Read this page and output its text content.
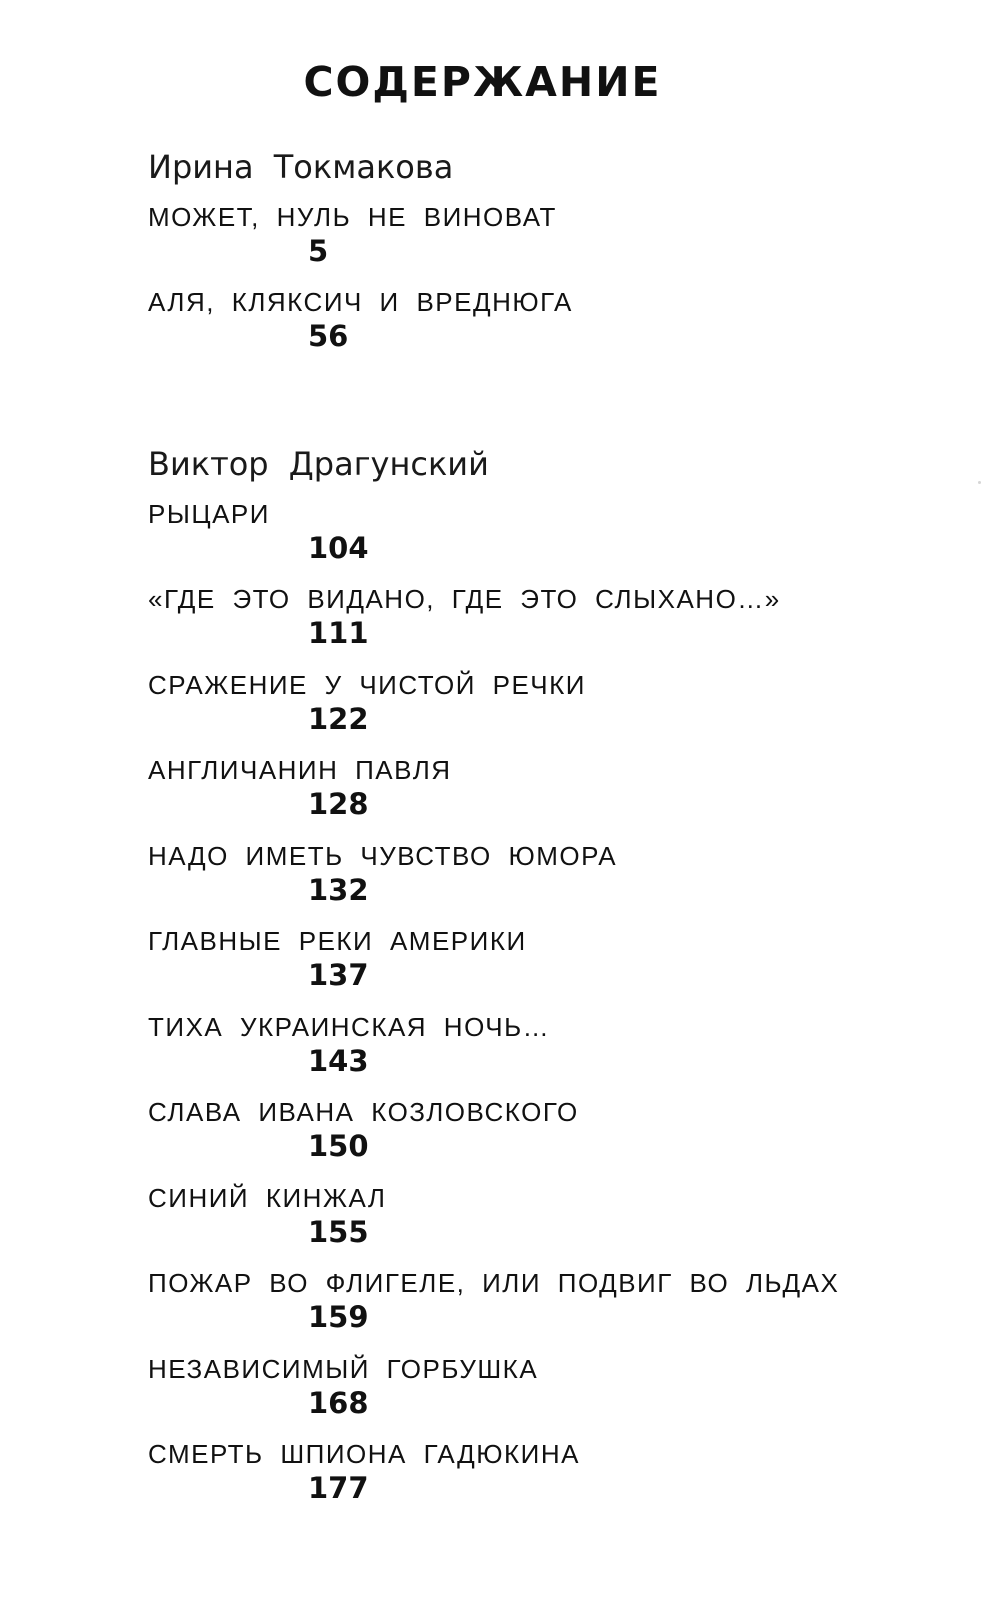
СОДЕРЖАНИЕ
Ирина Токмакова
МОЖЕТ, НУЛЬ НЕ ВИНОВАТ
5
АЛЯ, КЛЯКСИЧ И ВРЕДНЮГА
56
Виктор Драгунский
РЫЦАРИ
104
«ГДЕ ЭТО ВИДАНО, ГДЕ ЭТО СЛЫХАНО…»
111
СРАЖЕНИЕ У ЧИСТОЙ РЕЧКИ
122
АНГЛИЧАНИН ПАВЛЯ
128
НАДО ИМЕТЬ ЧУВСТВО ЮМОРА
132
ГЛАВНЫЕ РЕКИ АМЕРИКИ
137
ТИХА УКРАИНСКАЯ НОЧЬ…
143
СЛАВА ИВАНА КОЗЛОВСКОГО
150
СИНИЙ КИНЖАЛ
155
ПОЖАР ВО ФЛИГЕЛЕ, ИЛИ ПОДВИГ ВО ЛЬДАХ
159
НЕЗАВИСИМЫЙ ГОРБУШКА
168
СМЕРТЬ ШПИОНА ГАДЮКИНА
177
